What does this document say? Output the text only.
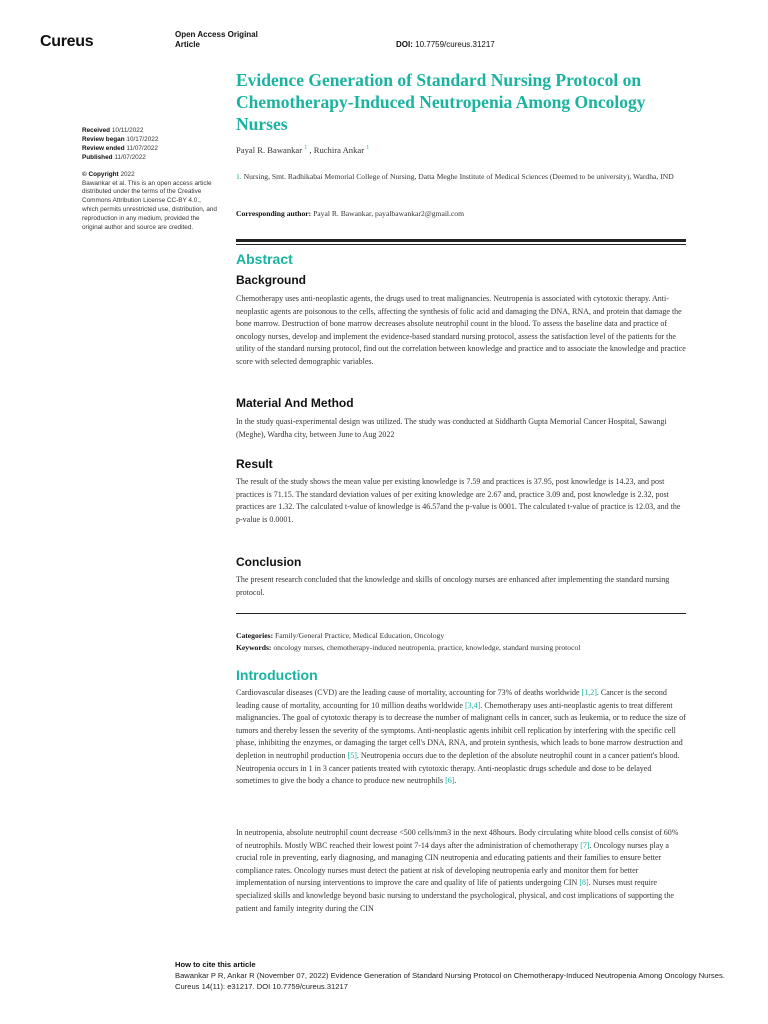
Cureus	Open Access Original
Article	DOI: 10.7759/cureus.31217
Evidence Generation of Standard Nursing Protocol on Chemotherapy-Induced Neutropenia Among Oncology Nurses
Received 10/11/2022
Review began 10/17/2022
Review ended 11/07/2022
Published 11/07/2022
© Copyright 2022
Bawankar et al. This is an open access article distributed under the terms of the Creative Commons Attribution License CC-BY 4.0., which permits unrestricted use, distribution, and reproduction in any medium, provided the original author and source are credited.
Payal R. Bawankar $^1$ , Ruchira Ankar $^1$
1. Nursing, Smt. Radhikabai Memorial College of Nursing, Datta Meghe Institute of Medical Sciences (Deemed to be university), Wardha, IND
Corresponding author: Payal R. Bawankar, payalbawankar2@gmail.com
Abstract
Background

Chemotherapy uses anti-neoplastic agents, the drugs used to treat malignancies. Neutropenia is associated with cytotoxic therapy. Anti-neoplastic agents are poisonous to the cells, affecting the synthesis of folic acid and damaging the DNA, RNA, and protein that damage the bone marrow. Destruction of bone marrow decreases absolute neutrophil count in the blood. To assess the baseline data and practice of oncology nurses, develop and implement the evidence-based standard nursing protocol, assess the satisfaction level of the patients for the utility of the standard nursing protocol, find out the correlation between knowledge and practice and to associate the knowledge and practice score with selected demographic variables.

Material And Method

In the study quasi-experimental design was utilized. The study was conducted at Siddharth Gupta Memorial Cancer Hospital, Sawangi (Meghe), Wardha city, between June to Aug 2022

Result

The result of the study shows the mean value per existing knowledge is 7.59 and practices is 37.95, post knowledge is 14.23, and post practices is 71.15. The standard deviation values of per exiting knowledge are 2.67 and, practice 3.09 and, post knowledge is 2.32, post practices are 1.32. The calculated t-value of knowledge is 46.57and the p-value is 0001. The calculated t-value of practice is 12.03, and the p-value is 0.0001.

Conclusion

The present research concluded that the knowledge and skills of oncology nurses are enhanced after implementing the standard nursing protocol.

Categories: Family/General Practice, Medical Education, Oncology
Keywords: oncology nurses, chemotherapy-induced neutropenia, practice, knowledge, standard nursing protocol
Introduction

Cardiovascular diseases (CVD) are the leading cause of mortality, accounting for 73% of deaths worldwide [1,2]. Cancer is the second leading cause of mortality, accounting for 10 million deaths worldwide [3,4]. Chemotherapy uses anti-neoplastic agents to treat different malignancies. The goal of cytotoxic therapy is to decrease the number of malignant cells in cancer, such as leukemia, or to reduce the size of tumors and thereby lessen the severity of the symptoms. Anti-neoplastic agents inhibit cell replication by interfering with the specific cell phase, inhibiting the enzymes, or damaging the target cell's DNA, RNA, and protein synthesis, which leads to bone marrow destruction and depletion in neutrophil production [5]. Neutropenia occurs due to the depletion of the absolute neutrophil count in a cancer patient's blood. Neutropenia occurs in 1 in 3 cancer patients treated with cytotoxic therapy. Anti-neoplastic drugs schedule and dose to be delayed sometimes to give the body a chance to produce new neutrophils [6].

In neutropenia, absolute neutrophil count decrease <500 cells/mm3 in the next 48hours. Body circulating white blood cells consist of 60% of neutrophils. Mostly WBC reached their lowest point 7-14 days after the administration of chemotherapy [7]. Oncology nurses play a crucial role in preventing, early diagnosing, and managing CIN neutropenia and educating patients and their families to ensure better compliance rates. Oncology nurses must detect the patient at risk of developing neutropenia early and monitor them for better implementation of nursing interventions to improve the care and quality of life of patients undergoing CIN [8]. Nurses must require specialized skills and knowledge beyond basic nursing to understand the psychological, physical, and cost implications of supporting the patient and family integrity during the CIN

How to cite this article
Bawankar P R, Ankar R (November 07, 2022) Evidence Generation of Standard Nursing Protocol on Chemotherapy-Induced Neutropenia Among Oncology Nurses. Cureus 14(11): e31217. DOI 10.7759/cureus.31217
